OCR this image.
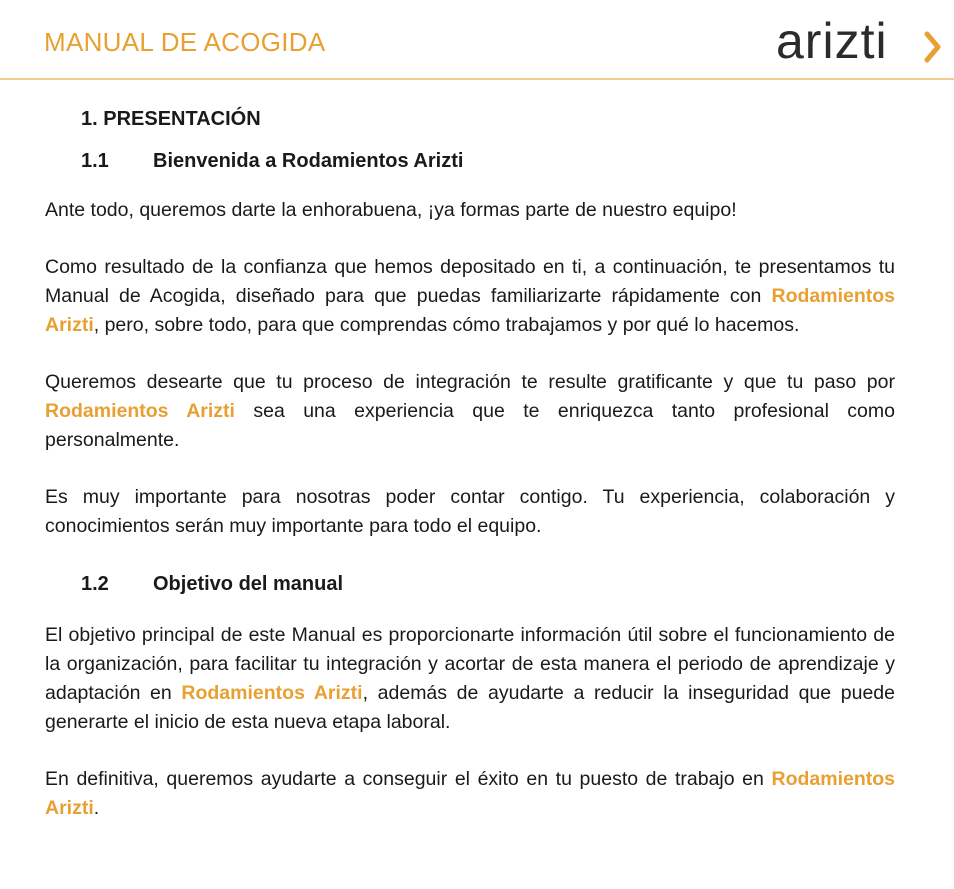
MANUAL DE ACOGIDA	arizti
1. PRESENTACIÓN
1.1 Bienvenida a Rodamientos Arizti

Ante todo, queremos darte la enhorabuena, ¡ya formas parte de nuestro equipo!

Como resultado de la confianza que hemos depositado en ti, a continuación, te presentamos tu Manual de Acogida, diseñado para que puedas familiarizarte rápidamente con Rodamientos Arizti, pero, sobre todo, para que comprendas cómo trabajamos y por qué lo hacemos.

Queremos desearte que tu proceso de integración te resulte gratificante y que tu paso por Rodamientos Arizti sea una experiencia que te enriquezca tanto profesional como personalmente.

Es muy importante para nosotras poder contar contigo. Tu experiencia, colaboración y conocimientos serán muy importante para todo el equipo.

1.2 Objetivo del manual

El objetivo principal de este Manual es proporcionarte información útil sobre el funcionamiento de la organización, para facilitar tu integración y acortar de esta manera el periodo de aprendizaje y adaptación en Rodamientos Arizti, además de ayudarte a reducir la inseguridad que puede generarte el inicio de esta nueva etapa laboral.

En definitiva, queremos ayudarte a conseguir el éxito en tu puesto de trabajo en Rodamientos Arizti.
